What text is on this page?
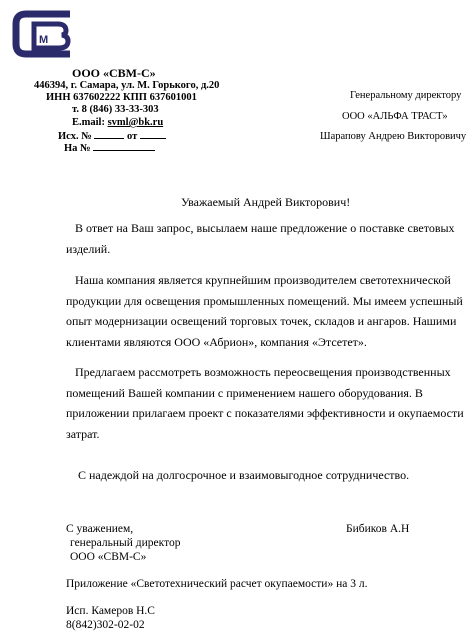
M
ООО «СВМ-С»
446394, г. Самара, ул. М. Горького, д.20
ИНН 637602222 КПП 637601001
т. 8 (846) 33-33-303
E.mail: svml@bk.ru
Исх. №	от
На №
Генеральному директору
ООО «АЛЬФА ТРАСТ»
Шарапову Андрею Викторовичу
Уважаемый Андрей Викторович!

В ответ на Ваш запрос, высылаем наше предложение о поставке световых изделий.

Наша компания является крупнейшим производителем светотехнической продукции для освещения промышленных помещений. Мы имеем успешный опыт модернизации освещений торговых точек, складов и ангаров. Нашими клиентами являются ООО «Абрион», компания «Этсетет».

Предлагаем рассмотреть возможность переосвещения производственных помещений Вашей компании с применением нашего оборудования. В приложении прилагаем проект с показателями эффективности и окупаемости затрат.

С надеждой на долгосрочное и взаимовыгодное сотрудничество.
С уважением,
генеральный директор
ООО «СВМ-С»
Бибиков А.Н
Приложение «Светотехнический расчет окупаемости» на 3 л.
Исп. Камеров Н.С
8(842)302-02-02
